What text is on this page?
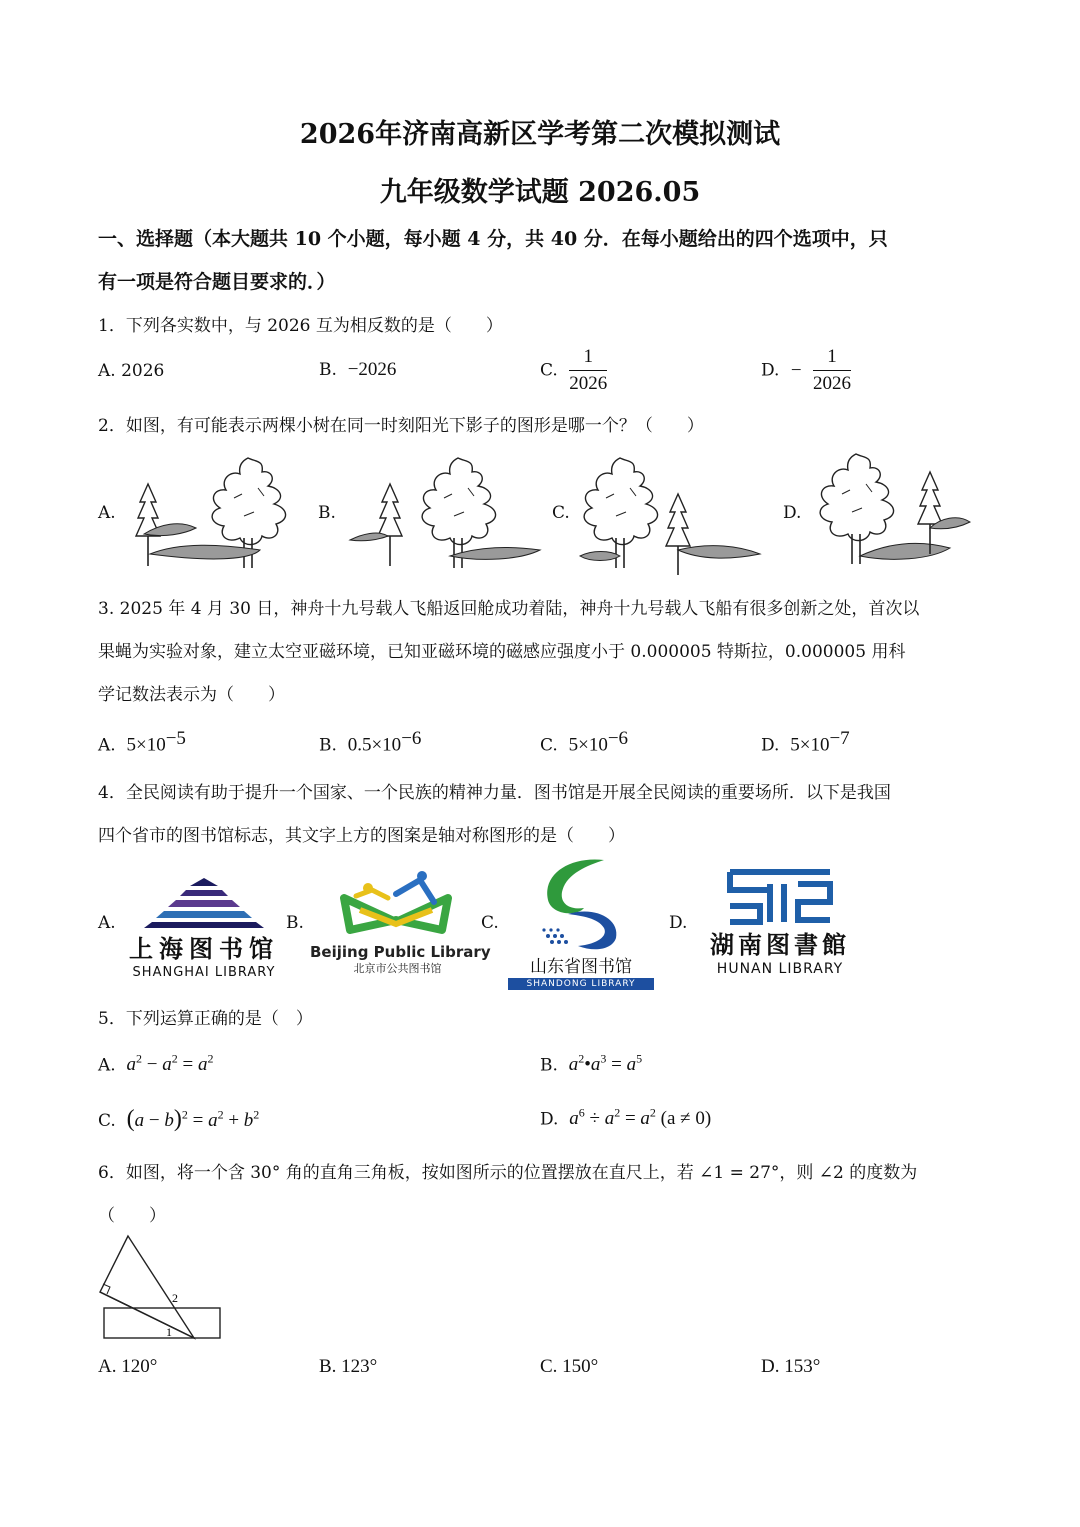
2026年济南高新区学考第二次模拟测试
九年级数学试题 2026.05
一、选择题（本大题共 10 个小题，每小题 4 分，共 40 分．在每小题给出的四个选项中，只
有一项是符合题目要求的．）
1．下列各实数中，与 2026 互为相反数的是（　　）
A. 2026	B. −2026	C. $\frac{1}{2026}$	D. − $\frac{1}{2026}$
2．如图，有可能表示两棵小树在同一时刻阳光下影子的图形是哪一个？（　　）
A.	B.	C.	D.
3. 2025 年 4 月 30 日，神舟十九号载人飞船返回舱成功着陆，神舟十九号载人飞船有很多创新之处，首次以
果蝇为实验对象，建立太空亚磁环境，已知亚磁环境的磁感应强度小于 0.000005 特斯拉，0.000005 用科
学记数法表示为（　　）
A. $5\times 10^{-5}$	B. $0.5\times 10^{-6}$	C. $5\times 10^{-6}$	D. $5\times 10^{-7}$
4．全民阅读有助于提升一个国家、一个民族的精神力量．图书馆是开展全民阅读的重要场所．以下是我国
四个省市的图书馆标志，其文字上方的图案是轴对称图形的是（　　）
A.	B.	C.	D.
上海图书馆
SHANGHAI LIBRARY
Beijing Public Library
北京市公共图书馆	山东省图书馆
SHANDONG LIBRARY
湖南图書館
HUNAN LIBRARY
5．下列运算正确的是（　）
A. $a^2 - a^2 = a^2$	B. $a^2•a^3 = a^5$
C. $(a - b)^2 = a^2 + b^2$	D. $a^6 \div a^2 = a^2$ (a ≠ 0)
6．如图，将一个含 30° 角的直角三角板，按如图所示的位置摆放在直尺上，若 ∠1 = 27°，则 ∠2 的度数为
（　　）
2
1
A. 120°	B. 123°	C. 150°	D. 153°
